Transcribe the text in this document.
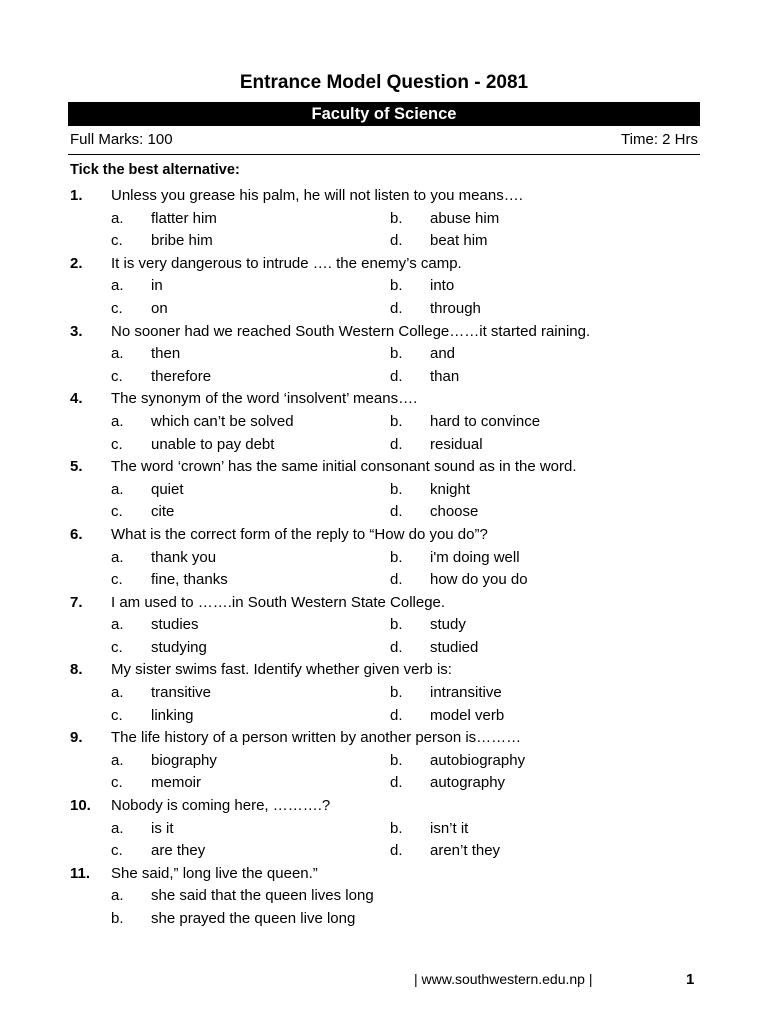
Entrance Model Question - 2081
Faculty of Science
Full Marks: 100	Time: 2 Hrs
Tick the best alternative:
1. Unless you grease his palm, he will not listen to you means….
a. flatter him	b. abuse him
c. bribe him	d. beat him
2. It is very dangerous to intrude …. the enemy’s camp.
a. in	b. into
c. on	d. through
3. No sooner had we reached South Western College……it started raining.
a. then	b. and
c. therefore	d. than
4. The synonym of the word ‘insolvent’ means….
a. which can’t be solved	b. hard to convince
c. unable to pay debt	d. residual
5. The word ‘crown’ has the same initial consonant sound as in the word.
a. quiet	b. knight
c. cite	d. choose
6. What is the correct form of the reply to “How do you do”?
a. thank you	b. i'm doing well
c. fine, thanks	d. how do you do
7. I am used to …….in South Western State College.
a. studies	b. study
c. studying	d. studied
8. My sister swims fast. Identify whether given verb is:
a. transitive	b. intransitive
c. linking	d. model verb
9. The life history of a person written by another person is………
a. biography	b. autobiography
c. memoir	d. autography
10. Nobody is coming here, ……….?
a. is it	b. isn’t it
c. are they	d. aren’t they
11. She said,” long live the queen.”
a. she said that the queen lives long
b. she prayed the queen live long
| www.southwestern.edu.np |	1
